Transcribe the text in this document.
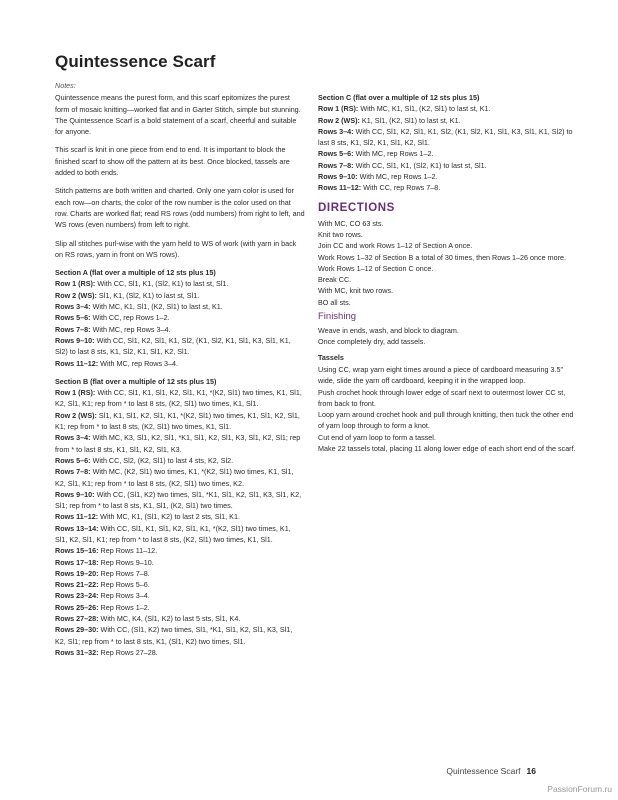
Quintessence Scarf

Notes:

Quintessence means the purest form, and this scarf epitomizes the purest form of mosaic knitting—worked flat and in Garter Stitch, simple but stunning. The Quintessence Scarf is a bold statement of a scarf, cheerful and suitable for anyone.

This scarf is knit in one piece from end to end. It is important to block the finished scarf to show off the pattern at its best. Once blocked, tassels are added to both ends.

Stitch patterns are both written and charted. Only one yarn color is used for each row—on charts, the color of the row number is the color used on that row. Charts are worked flat; read RS rows (odd numbers) from right to left, and WS rows (even numbers) from left to right.

Slip all stitches purl-wise with the yarn held to WS of work (with yarn in back on RS rows, yarn in front on WS rows).

Section A (flat over a multiple of 12 sts plus 15)
Row 1 (RS): With CC, Sl1, K1, (Sl2, K1) to last st, Sl1.
Row 2 (WS): Sl1, K1, (Sl2, K1) to last st, Sl1.
Rows 3–4: With MC, K1, Sl1, (K2, Sl1) to last st, K1.
Rows 5–6: With CC, rep Rows 1–2.
Rows 7–8: With MC, rep Rows 3–4.
Rows 9–10: With CC, Sl1, K2, Sl1, K1, Sl2, (K1, Sl2, K1, Sl1, K3, Sl1, K1, Sl2) to last 8 sts, K1, Sl2, K1, Sl1, K2, Sl1.
Rows 11–12: With MC, rep Rows 3–4.
Section B (flat over a multiple of 12 sts plus 15)
Row 1 (RS): With CC, Sl1, K1, Sl1, K2, Sl1, K1, *(K2, Sl1) two times, K1, Sl1, K2, Sl1, K1; rep from * to last 8 sts, (K2, Sl1) two times, K1, Sl1.
Row 2 (WS): Sl1, K1, Sl1, K2, Sl1, K1, *(K2, Sl1) two times, K1, Sl1, K2, Sl1, K1; rep from * to last 8 sts, (K2, Sl1) two times, K1, Sl1.
Rows 3–4: With MC, K3, Sl1, K2, Sl1, *K1, Sl1, K2, Sl1, K3, Sl1, K2, Sl1; rep from * to last 8 sts, K1, Sl1, K2, Sl1, K3.
Rows 5–6: With CC, Sl2, (K2, Sl1) to last 4 sts, K2, Sl2.
Rows 7–8: With MC, (K2, Sl1) two times, K1, *(K2, Sl1) two times, K1, Sl1, K2, Sl1, K1; rep from * to last 8 sts, (K2, Sl1) two times, K2.
Rows 9–10: With CC, (Sl1, K2) two times, Sl1, *K1, Sl1, K2, Sl1, K3, Sl1, K2, Sl1; rep from * to last 8 sts, K1, Sl1, (K2, Sl1) two times.
Rows 11–12: With MC, K1, (Sl1, K2) to last 2 sts, Sl1, K1.
Rows 13–14: With CC, Sl1, K1, Sl1, K2, Sl1, K1, *(K2, Sl1) two times, K1, Sl1, K2, Sl1, K1; rep from * to last 8 sts, (K2, Sl1) two times, K1, Sl1.
Rows 15–16: Rep Rows 11–12.
Rows 17–18: Rep Rows 9–10.
Rows 19–20: Rep Rows 7–8.
Rows 21–22: Rep Rows 5–6.
Rows 23–24: Rep Rows 3–4.
Rows 25–26: Rep Rows 1–2.
Rows 27–28: With MC, K4, (Sl1, K2) to last 5 sts, Sl1, K4.
Rows 29–30: With CC, (Sl1, K2) two times, Sl1, *K1, Sl1, K2, Sl1, K3, Sl1, K2, Sl1; rep from * to last 8 sts, K1, (Sl1, K2) two times, Sl1.
Rows 31–32: Rep Rows 27–28.
Section C (flat over a multiple of 12 sts plus 15)
Row 1 (RS): With MC, K1, Sl1, (K2, Sl1) to last st, K1.
Row 2 (WS): K1, Sl1, (K2, Sl1) to last st, K1.
Rows 3–4: With CC, Sl1, K2, Sl1, K1, Sl2, (K1, Sl2, K1, Sl1, K3, Sl1, K1, Sl2) to last 8 sts, K1, Sl2, K1, Sl1, K2, Sl1.
Rows 5–6: With MC, rep Rows 1–2.
Rows 7–8: With CC, Sl1, K1, (Sl2, K1) to last st, Sl1.
Rows 9–10: With MC, rep Rows 1–2.
Rows 11–12: With CC, rep Rows 7–8.
DIRECTIONS
With MC, CO 63 sts.
Knit two rows.
Join CC and work Rows 1–12 of Section A once.
Work Rows 1–32 of Section B a total of 30 times, then Rows 1–26 once more.
Work Rows 1–12 of Section C once.
Break CC.
With MC, knit two rows.
BO all sts.
Finishing
Weave in ends, wash, and block to diagram.
Once completely dry, add tassels.
Tassels
Using CC, wrap yarn eight times around a piece of cardboard measuring 3.5" wide, slide the yarn off cardboard, keeping it in the wrapped loop.
Push crochet hook through lower edge of scarf next to outermost lower CC st, from back to front.
Loop yarn around crochet hook and pull through knitting, then tuck the other end of yarn loop through to form a knot.
Cut end of yarn loop to form a tassel.
Make 22 tassels total, placing 11 along lower edge of each short end of the scarf.
Quintessence Scarf 16
PassionForum.ru
